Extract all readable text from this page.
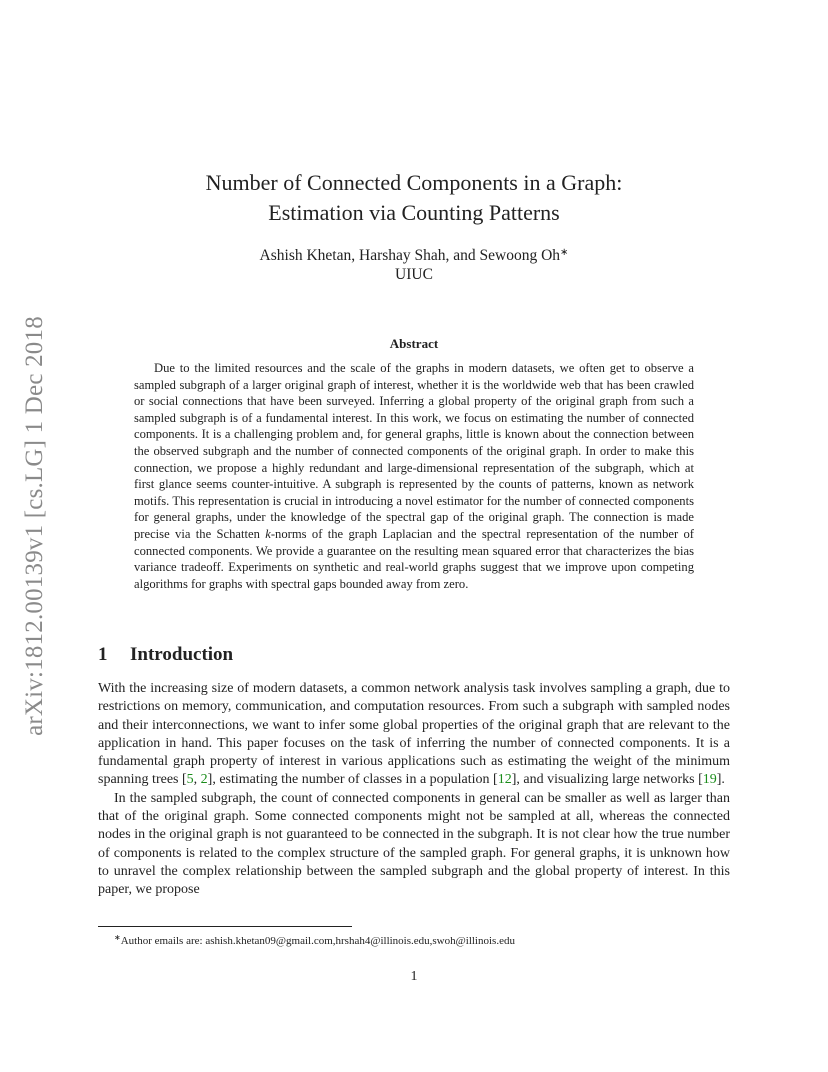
arXiv:1812.00139v1 [cs.LG] 1 Dec 2018
Number of Connected Components in a Graph:
Estimation via Counting Patterns
Ashish Khetan, Harshay Shah, and Sewoong Oh∗
UIUC
Abstract
Due to the limited resources and the scale of the graphs in modern datasets, we often get to observe a sampled subgraph of a larger original graph of interest, whether it is the worldwide web that has been crawled or social connections that have been surveyed. Inferring a global property of the original graph from such a sampled subgraph is of a fundamental interest. In this work, we focus on estimating the number of connected components. It is a challenging problem and, for general graphs, little is known about the connection between the observed subgraph and the number of connected components of the original graph. In order to make this connection, we propose a highly redundant and large-dimensional representation of the subgraph, which at first glance seems counter-intuitive. A subgraph is represented by the counts of patterns, known as network motifs. This representation is crucial in introducing a novel estimator for the number of connected components for general graphs, under the knowledge of the spectral gap of the original graph. The connection is made precise via the Schatten k-norms of the graph Laplacian and the spectral representation of the number of connected components. We provide a guarantee on the resulting mean squared error that characterizes the bias variance tradeoff. Experiments on synthetic and real-world graphs suggest that we improve upon competing algorithms for graphs with spectral gaps bounded away from zero.
1 Introduction

With the increasing size of modern datasets, a common network analysis task involves sampling a graph, due to restrictions on memory, communication, and computation resources. From such a subgraph with sampled nodes and their interconnections, we want to infer some global properties of the original graph that are relevant to the application in hand. This paper focuses on the task of inferring the number of connected components. It is a fundamental graph property of interest in various applications such as estimating the weight of the minimum spanning trees [5, 2], estimating the number of classes in a population [12], and visualizing large networks [19].

In the sampled subgraph, the count of connected components in general can be smaller as well as larger than that of the original graph. Some connected components might not be sampled at all, whereas the connected nodes in the original graph is not guaranteed to be connected in the subgraph. It is not clear how the true number of components is related to the complex structure of the sampled graph. For general graphs, it is unknown how to unravel the complex relationship between the sampled subgraph and the global property of interest. In this paper, we propose

∗Author emails are: ashish.khetan09@gmail.com,hrshah4@illinois.edu,swoh@illinois.edu
1
